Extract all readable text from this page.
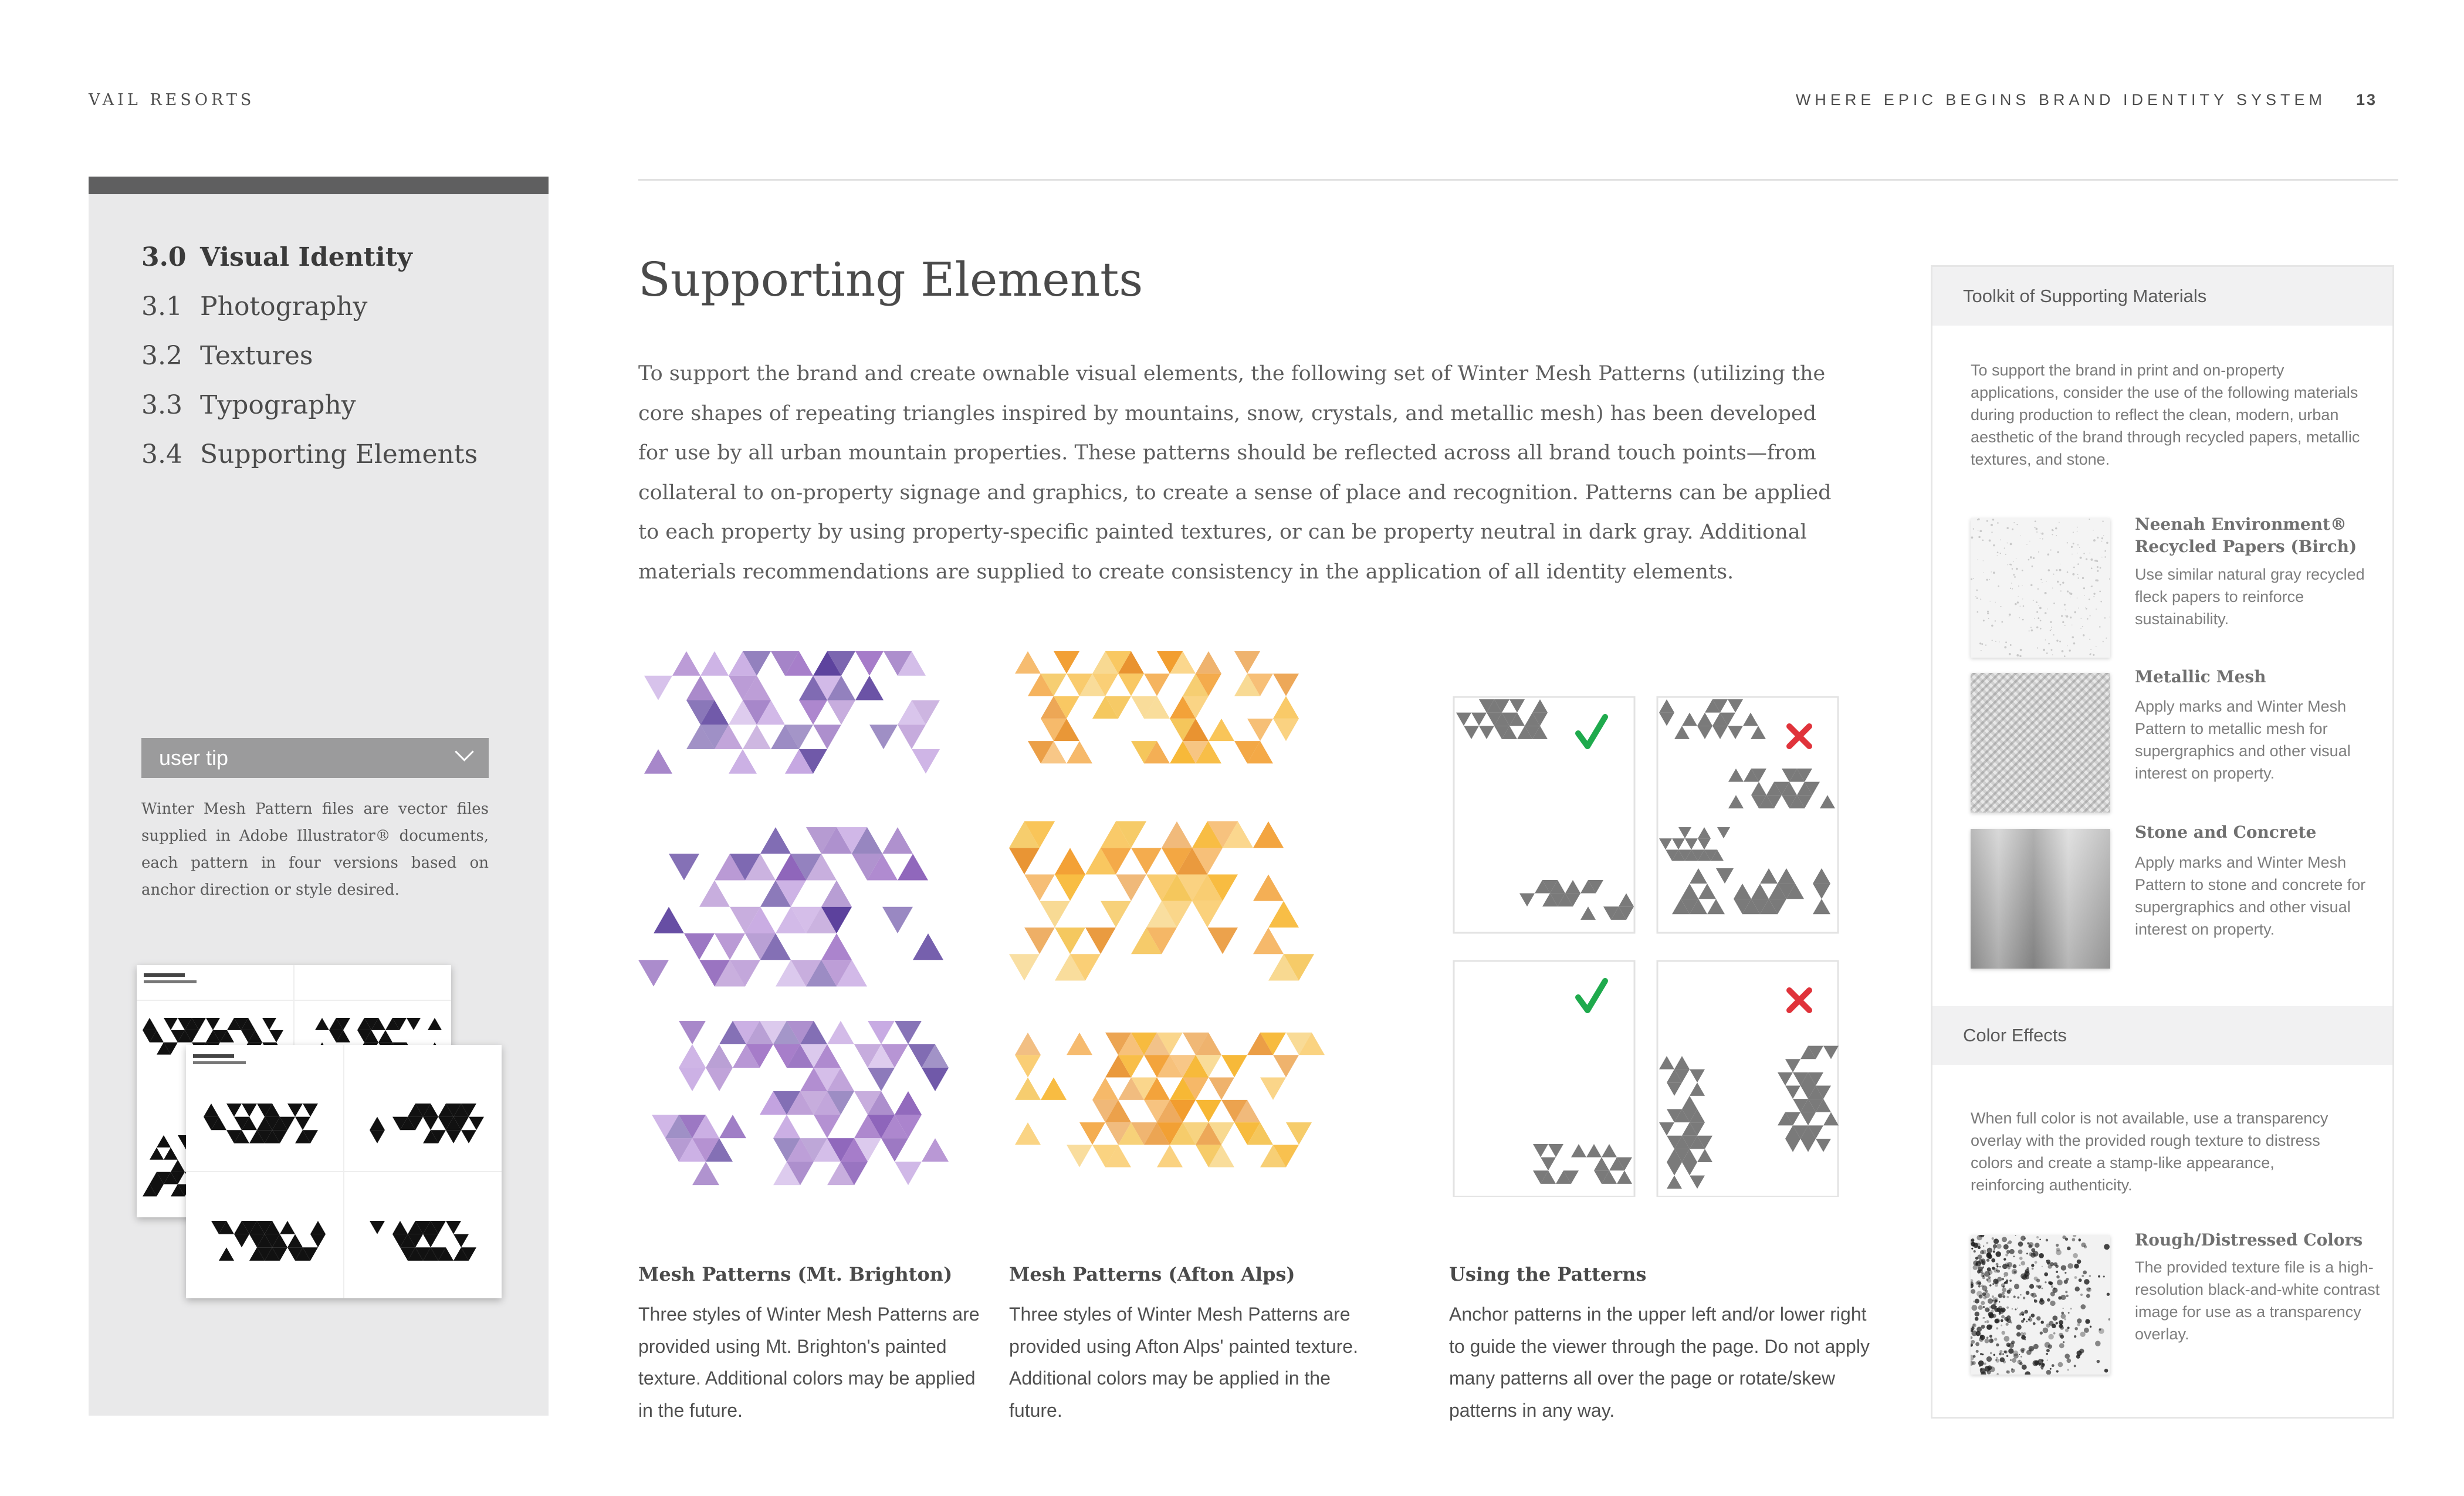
VAIL RESORTS	WHERE EPIC BEGINS BRAND IDENTITY SYSTEM 13
3.0 Visual Identity
3.1 Photography
3.2 Textures
3.3 Typography
3.4 Supporting Elements
user tip
Winter Mesh Pattern files are vector files supplied in Adobe Illustrator® documents, each pattern in four versions based on anchor direction or style desired.
Supporting Elements
To support the brand and create ownable visual elements, the following set of Winter Mesh Patterns (utilizing the core shapes of repeating triangles inspired by mountains, snow, crystals, and metallic mesh) has been developed for use by all urban mountain properties. These patterns should be reflected across all brand touch points—from collateral to on-property signage and graphics, to create a sense of place and recognition. Patterns can be applied to each property by using property-specific painted textures, or can be property neutral in dark gray. Additional materials recommendations are supplied to create consistency in the application of all identity elements.
Mesh Patterns (Mt. Brighton)
Three styles of Winter Mesh Patterns are provided using Mt. Brighton's painted texture. Additional colors may be applied in the future.
Mesh Patterns (Afton Alps)
Three styles of Winter Mesh Patterns are provided using Afton Alps' painted texture. Additional colors may be applied in the future.
Using the Patterns
Anchor patterns in the upper left and/or lower right to guide the viewer through the page. Do not apply many patterns all over the page or rotate/skew patterns in any way.
Toolkit of Supporting Materials
To support the brand in print and on-property applications, consider the use of the following materials during production to reflect the clean, modern, urban aesthetic of the brand through recycled papers, metallic textures, and stone.
Neenah Environment® Recycled Papers (Birch)
Use similar natural gray recycled fleck papers to reinforce sustainability.
Metallic Mesh
Apply marks and Winter Mesh Pattern to metallic mesh for supergraphics and other visual interest on property.
Stone and Concrete
Apply marks and Winter Mesh Pattern to stone and concrete for supergraphics and other visual interest on property.
Color Effects
When full color is not available, use a transparency overlay with the provided rough texture to distress colors and create a stamp-like appearance, reinforcing authenticity.
Rough/Distressed Colors
The provided texture file is a high-resolution black-and-white contrast image for use as a transparency overlay.
